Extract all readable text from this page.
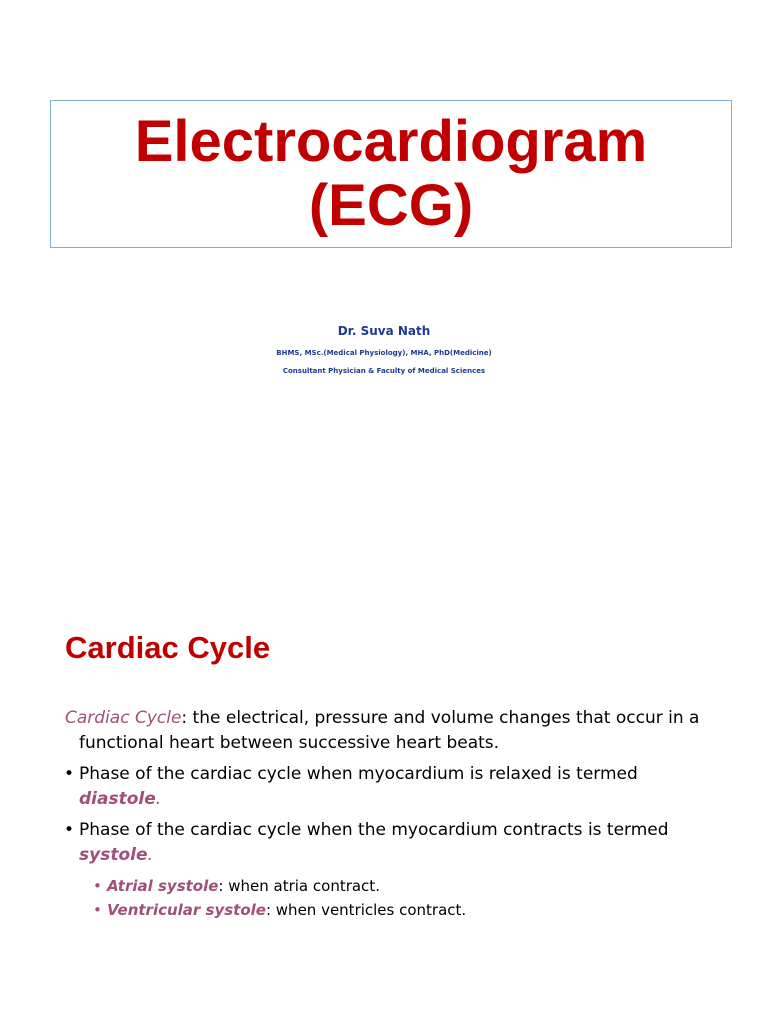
Electrocardiogram
(ECG)
Dr. Suva Nath
BHMS, MSc.(Medical Physiology), MHA, PhD(Medicine)
Consultant Physician & Faculty of Medical Sciences
Cardiac Cycle
Cardiac Cycle: the electrical, pressure and volume changes that occur in a functional heart between successive heart beats.
• Phase of the cardiac cycle when myocardium is relaxed is termed diastole.
• Phase of the cardiac cycle when the myocardium contracts is termed systole.
• Atrial systole: when atria contract.
• Ventricular systole: when ventricles contract.
